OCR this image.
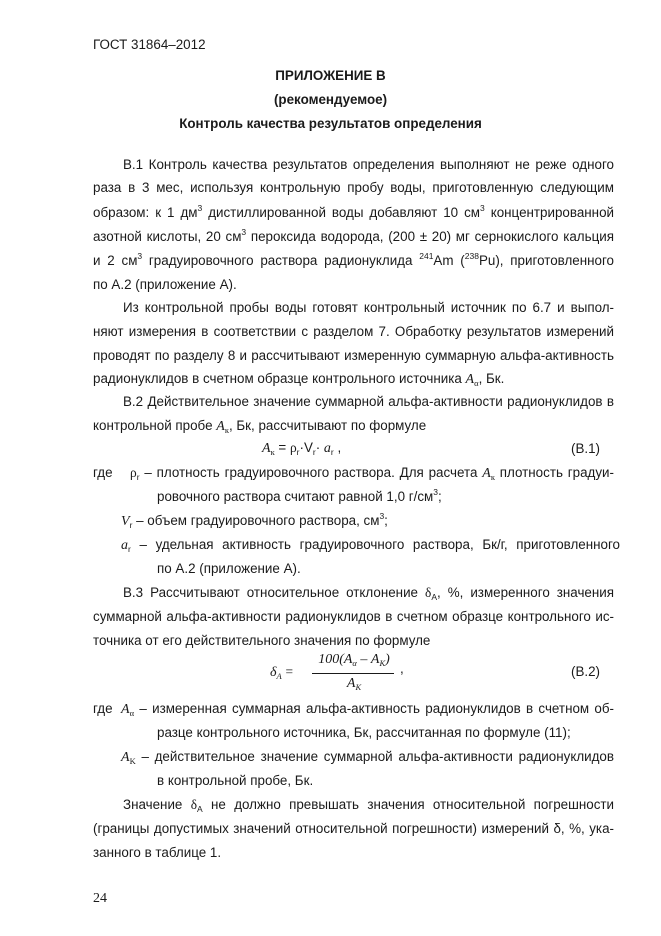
ГОСТ 31864–2012
ПРИЛОЖЕНИЕ В
(рекомендуемое)
Контроль качества результатов определения
В.1 Контроль качества результатов определения выполняют не реже одного
раза в 3 мес, используя контрольную пробу воды, приготовленную следующим
образом: к 1 $дм^3$ дистиллированной воды добавляют 10 $см^3$ концентрированной
азотной кислоты, 20 $см^3$ пероксида водорода, (200 ± 20) мг сернокислого кальция
и 2 $см^3$ градуировочного раствора радионуклида $^{241}$Am ($^{238}$Pu), приготовленного
по А.2 (приложение А).
Из контрольной пробы воды готовят контрольный источник по 6.7 и выпол-
няют измерения в соответствии с разделом 7. Обработку результатов измерений
проводят по разделу 8 и рассчитывают измеренную суммарную альфа-активность
радионуклидов в счетном образце контрольного источника $A_\alpha$, Бк.
В.2 Действительное значение суммарной альфа-активности радионуклидов в
контрольной пробе $A_к$, Бк, рассчитывают по формуле
$A_к = \rho_r\cdot V_r\cdot a_r$ ,	(В.1)
где $\rho_r$ – плотность градуировочного раствора. Для расчета $A_к$ плотность градуи-
ровочного раствора считают равной 1,0 $г/см^3$;
$V_r$ – объем градуировочного раствора, $см^3$;
$a_r$ – удельная активность градуировочного раствора, Бк/г, приготовленного
по А.2 (приложение А).
В.3 Рассчитывают относительное отклонение $\delta_A$, %, измеренного значения
суммарной альфа-активности радионуклидов в счетном образце контрольного ис-
точника от его действительного значения по формуле
$\delta_A$ =
$100(A_\alpha - A_K)$
$A_K$
,	(В.2)
где $A_\alpha$ – измеренная суммарная альфа-активность радионуклидов в счетном об-
разце контрольного источника, Бк, рассчитанная по формуле (11);
$A_K$ – действительное значение суммарной альфа-активности радионуклидов
в контрольной пробе, Бк.
Значение $\delta_A$ не должно превышать значения относительной погрешности
(границы допустимых значений относительной погрешности) измерений δ, %, ука-
занного в таблице 1.
24
